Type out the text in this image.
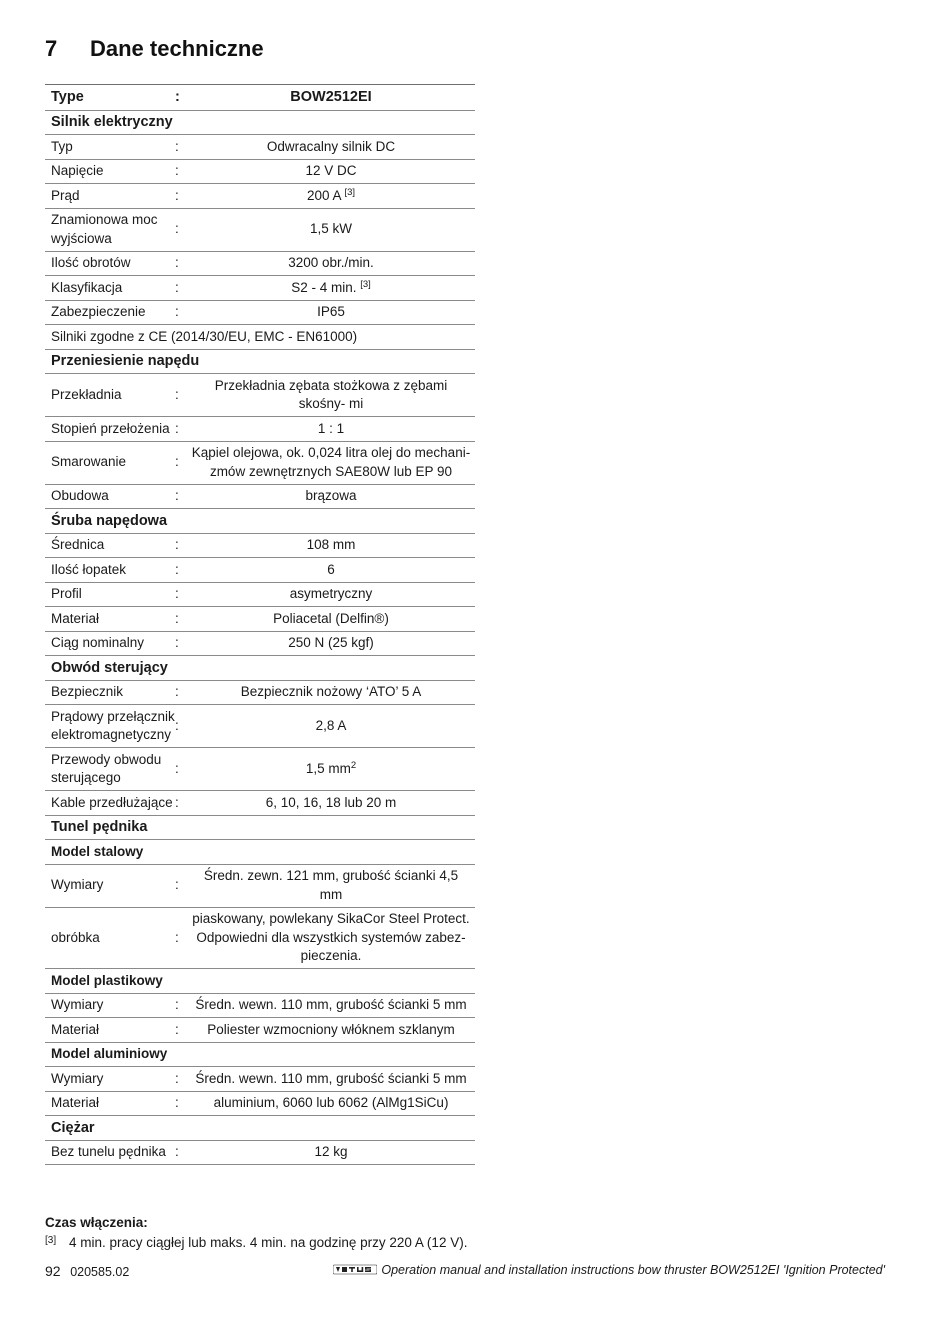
7 Dane techniczne
Type	:	BOW2512EI
Silnik elektryczny		
Typ	:	Odwracalny silnik DC
Napięcie	:	12 V DC
Prąd	:	200 A [3]
Znamionowa moc wyjściowa	:	1,5 kW
Ilość obrotów	:	3200 obr./min.
Klasyfikacja	:	S2 - 4 min. [3]
Zabezpieczenie	:	IP65
Silniki zgodne z CE (2014/30/EU, EMC - EN61000)		
Przeniesienie napędu		
Przekładnia	:	Przekładnia zębata stożkowa z zębami skośny- mi
Stopień przełożenia	:	1 : 1
Smarowanie	:	Kąpiel olejowa, ok. 0,024 litra olej do mechani- zmów zewnętrznych SAE80W lub EP 90
Obudowa	:	brązowa
Śruba napędowa		
Średnica	:	108 mm
Ilość łopatek	:	6
Profil	:	asymetryczny
Materiał	:	Poliacetal (Delfin®)
Ciąg nominalny	:	250 N (25 kgf)
Obwód sterujący		
Bezpiecznik	:	Bezpiecznik nożowy ‘ATO’ 5 A
Prądowy przełącznik elektromagnetyczny	:	2,8 A
Przewody obwodu sterującego	:	1,5 $mm^2$
Kable przedłużające	:	6, 10, 16, 18 lub 20 m
Tunel pędnika		
Model stalowy		
Wymiary	:	Średn. zewn. 121 mm, grubość ścianki 4,5 mm
obróbka	:	piaskowany, powlekany SikaCor Steel Protect. Odpowiedni dla wszystkich systemów zabez- pieczenia.
Model plastikowy		
Wymiary	:	Średn. wewn. 110 mm, grubość ścianki 5 mm
Materiał	:	Poliester wzmocniony włóknem szklanym
Model aluminiowy		
Wymiary	:	Średn. wewn. 110 mm, grubość ścianki 5 mm
Materiał	:	aluminium, 6060 lub 6062 (AlMg1SiCu)
Ciężar		
Bez tunelu pędnika	:	12 kg
Czas włączenia:
[3] 4 min. pracy ciągłej lub maks. 4 min. na godzinę przy 220 A (12 V).
92 020585.02	Operation manual and installation instructions bow thruster BOW2512EI 'Ignition Protected'
